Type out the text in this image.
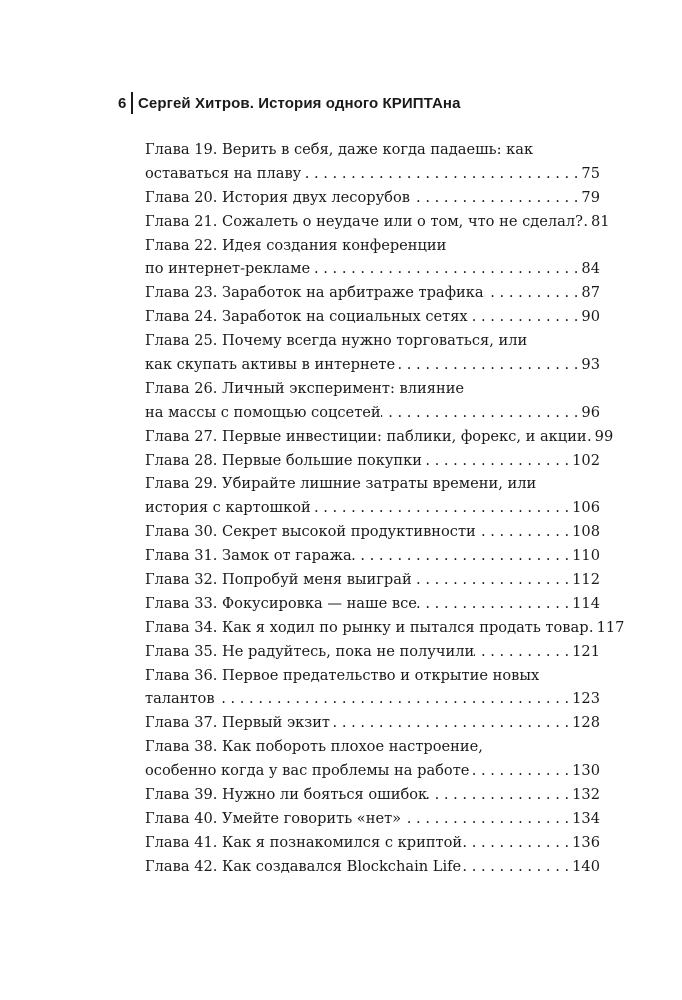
6 Сергей Хитров. История одного КРИПТАна
Глава 19. Верить в себя, даже когда падаешь: как
оставаться на плаву . . .	75
Глава 20. История двух лесорубов . . .	79
Глава 21. Сожалеть о неудаче или о том, что не сделал? . . . 81
Глава 22. Идея создания конференции
по интернет-рекламе . . .	84
Глава 23. Заработок на арбитраже трафика . . .	87
Глава 24. Заработок на социальных сетях . . .	90
Глава 25. Почему всегда нужно торговаться, или
как скупать активы в интернете . . .	93
Глава 26. Личный эксперимент: влияние
на массы с помощью соцсетей . . .	96
Глава 27. Первые инвестиции: паблики, форекс, и акции . . . 99
Глава 28. Первые большие покупки . . .	102
Глава 29. Убирайте лишние затраты времени, или
история с картошкой . . .	106
Глава 30. Секрет высокой продуктивности . . .	108
Глава 31. Замок от гаража . . .	110
Глава 32. Попробуй меня выиграй . . .	112
Глава 33. Фокусировка — наше все . . .	114
Глава 34. Как я ходил по рынку и пытался продать товар . . . 117
Глава 35. Не радуйтесь, пока не получили . . .	121
Глава 36. Первое предательство и открытие новых
талантов . . .	123
Глава 37. Первый экзит . . .	128
Глава 38. Как побороть плохое настроение,
особенно когда у вас проблемы на работе . . .	130
Глава 39. Нужно ли бояться ошибок . . .	132
Глава 40. Умейте говорить «нет» . . .	134
Глава 41. Как я познакомился с криптой . . .	136
Глава 42. Как создавался Blockchain Life . . .	140
